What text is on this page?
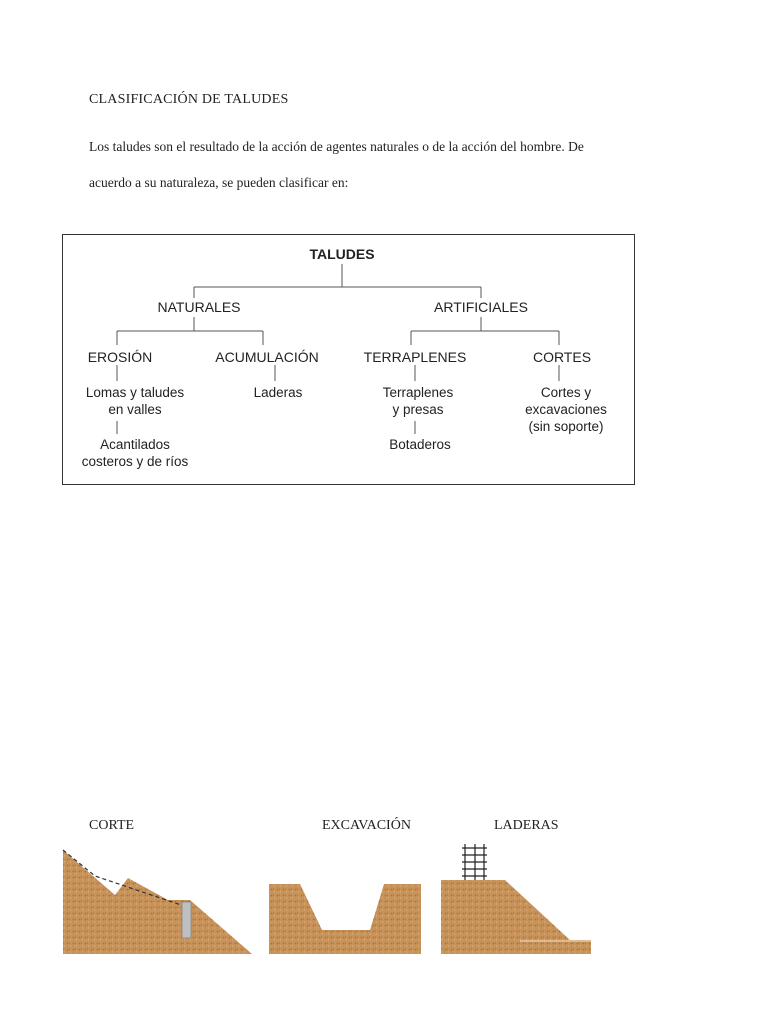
CLASIFICACIÓN DE TALUDES
Los taludes son el resultado de la acción de agentes naturales o de la acción del hombre. De
acuerdo a su naturaleza, se pueden clasificar en:
TALUDES
NATURALES	ARTIFICIALES
EROSIÓN	ACUMULACIÓN	TERRAPLENES	CORTES
Lomas y taludes
en valles
Acantilados
costeros y de ríos
Laderas	Terraplenes
y presas
Botaderos
Cortes y
excavaciones
(sin soporte)
CORTE	EXCAVACIÓN	LADERAS
